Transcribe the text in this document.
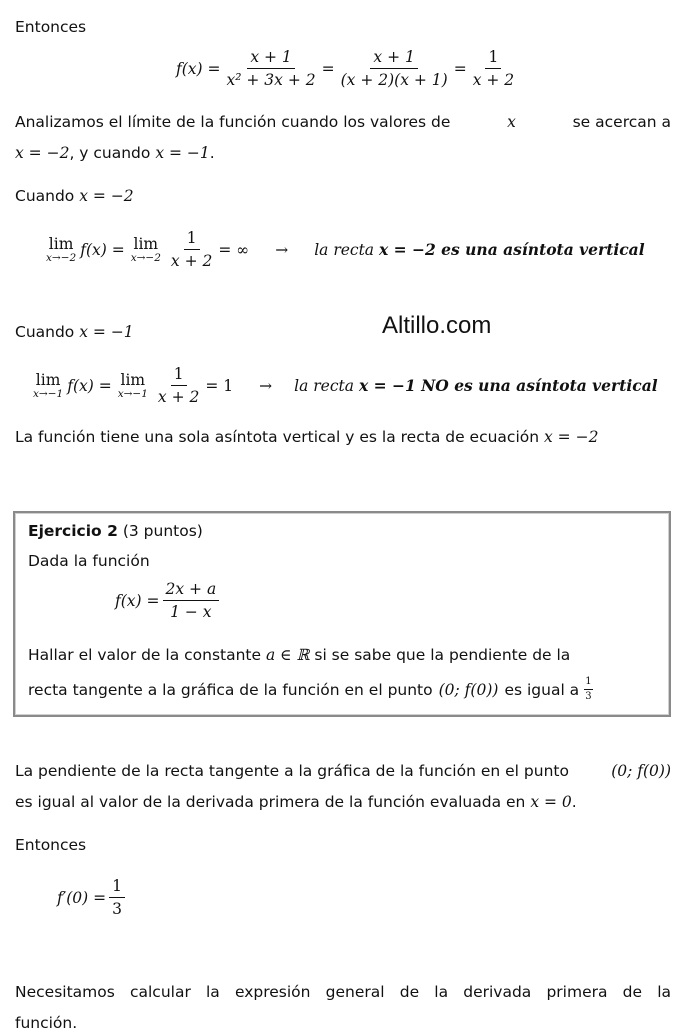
Entonces
$f(x) = \frac{x + 1}{\text{x² + 3x + 2}} = \frac{x + 1}{(x + 2)(x + 1)} = \frac{1}{x + 2}$
Analizamos el límite de la función cuando los valores de	x	se acercan a
x = −2, y cuando x = −1.
Cuando x = −2
lim
x→−2 f(x) = lim
$x\to-2 \frac{1}{x + 2}$ = ∞ → la recta x = −2 es una asíntota vertical
Cuando x = −1	Altillo.com
lim
x→−1 f(x) = lim
$x\to-1 \frac{1}{x + 2} = 1$ → la recta x = −1 NO es una asíntota vertical
La función tiene una sola asíntota vertical y es la recta de ecuación x = −2
Ejercicio 2 (3 puntos)
Dada la función
$f(x) = \frac{2x + a}{1 - x}$
Hallar el valor de la constante a ∈ ℝ si se sabe que la pendiente de la
recta tangente a la gráfica de la función en el punto (0; f(0)) es igual a $\frac{1}{3}$
La pendiente de la recta tangente a la gráfica de la función en el punto	(0; f(0))
es igual al valor de la derivada primera de la función evaluada en x = 0.
Entonces
$f'(0) = \frac{1}{3}$
Necesitamos calcular la expresión general de la derivada primera de la
función.
